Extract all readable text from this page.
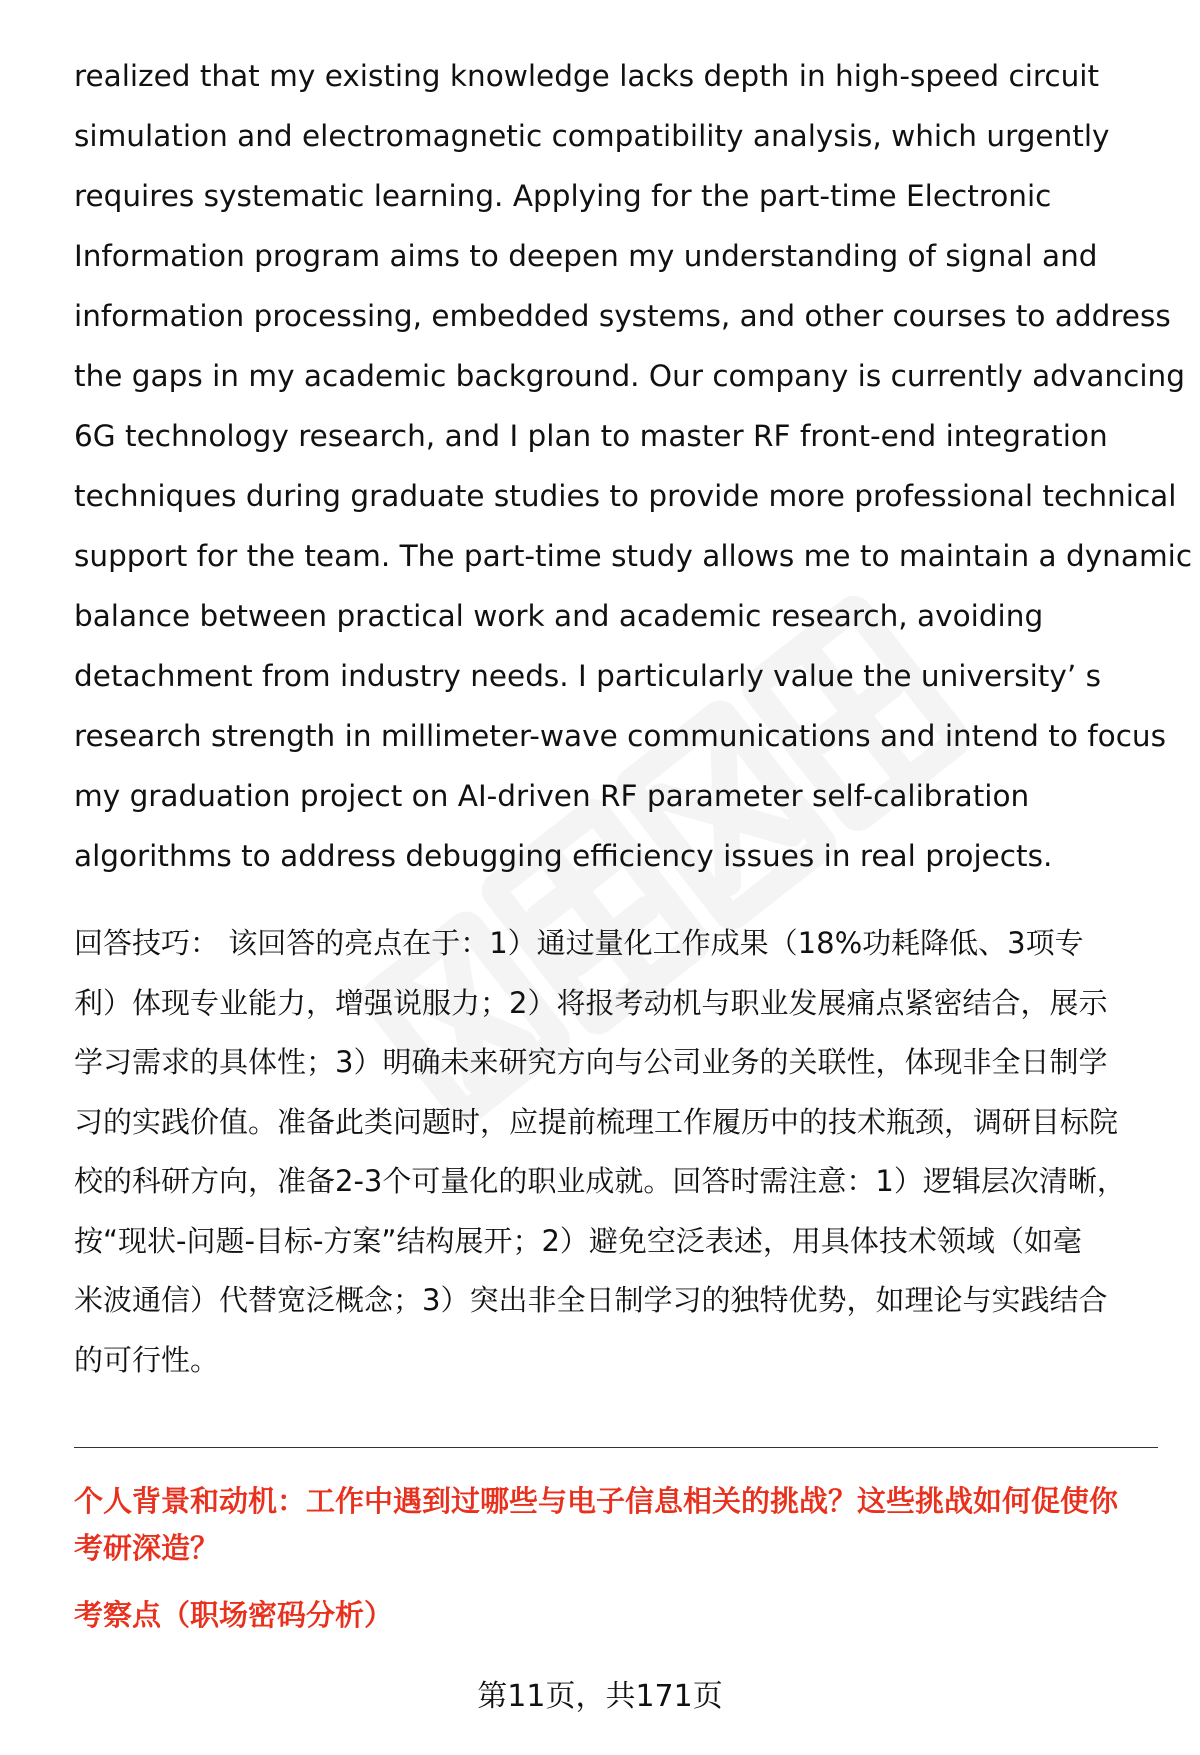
realized that my existing knowledge lacks depth in high-speed circuit
simulation and electromagnetic compatibility analysis, which urgently
requires systematic learning. Applying for the part-time Electronic
Information program aims to deepen my understanding of signal and
information processing, embedded systems, and other courses to address
the gaps in my academic background. Our company is currently advancing
6G technology research, and I plan to master RF front-end integration
techniques during graduate studies to provide more professional technical
support for the team. The part-time study allows me to maintain a dynamic
balance between practical work and academic research, avoiding
detachment from industry needs. I particularly value the university’ s
research strength in millimeter-wave communications and intend to focus
my graduation project on AI-driven RF parameter self-calibration
algorithms to address debugging efficiency issues in real projects.
回答技巧： 该回答的亮点在于：1）通过量化工作成果（18%功耗降低、3项专
利）体现专业能力，增强说服力；2）将报考动机与职业发展痛点紧密结合，展示
学习需求的具体性；3）明确未来研究方向与公司业务的关联性，体现非全日制学
习的实践价值。准备此类问题时，应提前梳理工作履历中的技术瓶颈，调研目标院
校的科研方向，准备2-3个可量化的职业成就。回答时需注意：1）逻辑层次清晰，
按“现状-问题-目标-方案”结构展开；2）避免空泛表述，用具体技术领域（如毫
米波通信）代替宽泛概念；3）突出非全日制学习的独特优势，如理论与实践结合
的可行性。
个人背景和动机：工作中遇到过哪些与电子信息相关的挑战？这些挑战如何促使你
考研深造？
考察点（职场密码分析）
第11页，共171页
